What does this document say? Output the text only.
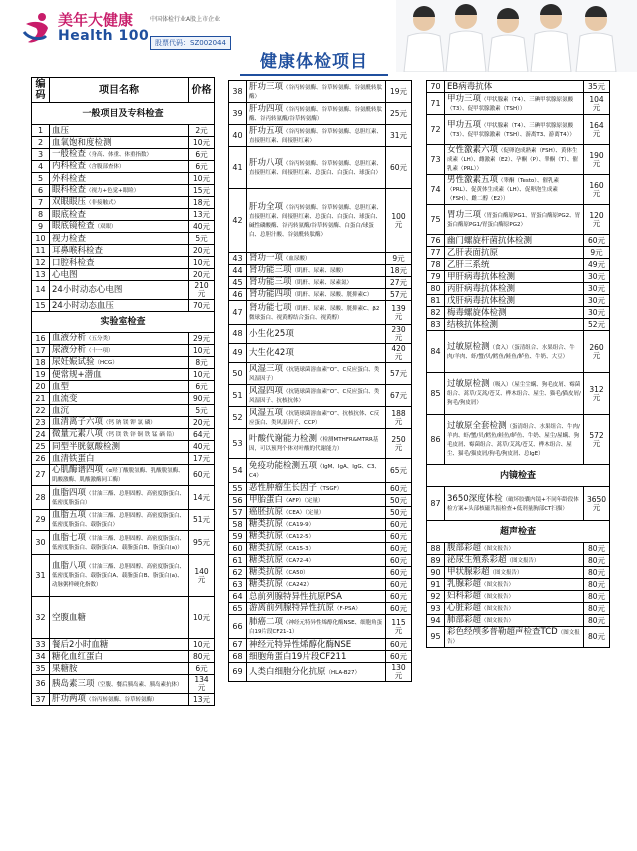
美年大健康
Health 100
中国体检行业A股上市企业
股票代码：SZ002044
健康体检项目
编码	项目名称	价格
一般项目及专科检查		
1	血压	2元
2	血氧饱和度检测	10元
3	一般检查（身高、体重、体重指数）	6元
4	内科检查（含腹部查体）	6元
5	外科检查	10元
6	眼科检查（视力+色觉+眼睑）	15元
7	双眼眼压（非接触式）	18元
8	眼底检查	13元
9	眼底镜检查（双眼）	40元
10	视力检查	5元
11	耳鼻喉科检查	20元
12	口腔科检查	10元
13	心电图	20元
14	24小时动态心电图	210元
15	24小时动态血压	70元
实验室检查		
16	血液分析（五分类）	29元
17	尿液分析（十一项）	10元
18	尿妊娠试验（HCG）	8元
19	便常规+潜血	10元
20	血型	6元
21	血流变	90元
22	血沉	5元
23	血清离子六项（钙 钠 镁 钾 氯 磷）	20元
24	微量元素八项（钙 镁 铁 锌 铜 铁 锰 硒 铅）	64元
25	同型半胱氨酸检测	40元
26	血清铁蛋白	17元
27	心肌酶谱四项（α羟丁酸脱氢酶、乳酸脱氢酶、肌酸激酶、肌酸激酶同工酶）	60元
28	血脂四项（甘油三酯、总胆固醇、高密度脂蛋白、低密度脂蛋白）	14元
29	血脂五项（甘油三酯、总胆固醇、高密度脂蛋白、低密度脂蛋白、载脂蛋白）	51元
30	血脂七项（甘油三酯、总胆固醇、高密度脂蛋白、低密度脂蛋白、载脂蛋白A、载脂蛋白B、脂蛋白(a)）	95元
31	血脂八项（甘油三酯、总胆固醇、高密度脂蛋白、低密度脂蛋白、载脂蛋白A、载脂蛋白B、脂蛋白(a)、动脉粥样硬化指数）	140元
32	空腹血糖	10元
33	餐后2小时血糖	10元
34	糖化血红蛋白	80元
35	果糖胺	6元
36	胰岛素三项（空腹、餐后胰岛素、胰岛素抗体）	134元
37	肝功两项（谷丙转氨酶、谷草转氨酶）	13元
38	肝功三项（谷丙转氨酶、谷草转氨酶、谷氨酰转肽酶）	19元
39	肝功四项（谷丙转氨酶、谷草转氨酶、谷氨酰转肽酶、谷丙转氨酶/谷草转氨酶）	25元
40	肝功五项（谷丙转氨酶、谷草转氨酶、总胆红素、直接胆红素、间接胆红素）	31元
41	肝功八项（谷丙转氨酶、谷草转氨酶、总胆红素、直接胆红素、间接胆红素、总蛋白、白蛋白、球蛋白）	60元
42	肝功全项（谷丙转氨酶、谷草转氨酶、总胆红素、直接胆红素、间接胆红素、总蛋白、白蛋白、球蛋白、碱性磷酸酶、谷丙转氨酶/谷草转氨酶、白蛋白/球蛋白、总胆汁酸、谷氨酰转肽酶）	100元
43	肾功一项（血尿酸）	9元
44	肾功能三项（肌酐、尿素、尿酸）	18元
45	肾功能三项（肌酐、尿素、尿素氮）	27元
46	肾功能四项（肌酐、尿素、尿酸、胱抑素C）	57元
47	肾功能七项（肌酐、尿素、尿酸、胱抑素C、β2微球蛋白、视黄醇结合蛋白、视黄醇）	139元
48	小生化25项	230元
49	大生化42项	420元
50	风湿三项（抗链球菌溶血素“O”、C反应蛋白、类风湿因子）	57元
51	风湿四项（抗链球菌溶血素“O”、C反应蛋白、类风湿因子、抗核抗体）	67元
52	风湿五项（抗链球菌溶血素“O”、抗核抗体、C反应蛋白、类风湿因子、CCP）	188元
53	叶酸代谢能力检测（检测MTHFR&MTRR基因，可以预判个体对叶酸的代谢能力）	250元
54	免疫功能检测五项（IgM、IgA、IgG、C3、C4）	65元
55	恶性肿瘤生长因子（TSGF）	60元
56	甲胎蛋白（AFP）（定量）	50元
57	癌胚抗原（CEA）（定量）	50元
58	糖类抗原（CA19-9）	60元
59	糖类抗原（CA12-5）	60元
60	糖类抗原（CA15-3）	60元
61	糖类抗原（CA72-4）	60元
62	糖类抗原（CA50）	60元
63	糖类抗原（CA242）	60元
64	总前列腺特异性抗原PSA	60元
65	游离前列腺特异性抗原（F-PSA）	60元
66	肺癌二项（神经元特异性烯醇化酶NSE、细胞角蛋白19片段CF21-1）	115元
67	神经元特异性烯醇化酶NSE	60元
68	细胞角蛋白19片段CF211	60元
69	人类白细胞分化抗原（HLA-B27）	130元
70	EB病毒抗体	35元
71	甲功三项（甲状腺素（T4）、三碘甲状腺原氨酸（T3）、促甲状腺激素（TSH））	104元
72	甲功五项（甲状腺素（T4）、三碘甲状腺原氨酸（T3）、促甲状腺激素（TSH）、游离T3、游离T4））	164元
73	女性激素六项（促卵泡成熟素（FSH）、黄体生成素（LH）、雌激素（E2）、孕酮（P）、睾酮（T）、催乳素（PRL））	190元
74	男性激素五项（睾酮（Testo）、催乳素（PRL）、促黄体生成素（LH）、促卵泡生成素（FSH）、雌二醇（E2））	160元
75	胃功三项（胃蛋白酶原PG1、胃蛋白酶原PG2、胃蛋白酶原PG1/胃蛋白酶原PG2）	120元
76	幽门螺旋杆菌抗体检测	60元
77	乙肝表面抗原	9元
78	乙肝三系统	49元
79	甲肝病毒抗体检测	30元
80	丙肝病毒抗体检测	30元
81	戊肝病毒抗体检测	30元
82	梅毒螺旋体检测	30元
83	结核抗体检测	52元
84	过敏原检测（食入）（蛋清组合、水果组合、牛肉/羊肉、虾/蟹/贝/鳕鱼/鲑鱼/鲈鱼、牛奶、大豆）	260元
85	过敏原检测（吸入）（屋尘尘螨、狗毛皮屑、霉菌组合、蒿草/艾蒿/苍艾、桦木组合、屋尘、猫毛/猫皮屑/狗毛/狗皮屑）	312元
86	过敏原全套检测（蛋清组合、水果组合、牛肉/羊肉、虾/蟹/贝/鳕鱼/鲑鱼/鲈鱼、牛奶、屋尘/屋螨、狗毛皮屑、霉菌组合、蒿草/艾蒿/苍艾、桦木组合、屋尘、猫毛/猫皮屑/狗毛/狗皮屑、总IgE）	572元
内镜检查		
87	3650深度体检（破坏胶囊内镜+不同年龄段体检方案+头部核磁共振检查+低剂量胸部CT扫描）	3650元
超声检查		
88	腹部彩超（图文报告）	80元
89	泌尿生殖系彩超（图文报告）	80元
90	甲状腺彩超（图文报告）	80元
91	乳腺彩超（图文报告）	80元
92	妇科彩超（图文报告）	80元
93	心脏彩超（图文报告）	80元
94	肺部彩超（图文报告）	80元
95	彩色经颅多普勒超声检查TCD（图文报告）	80元
